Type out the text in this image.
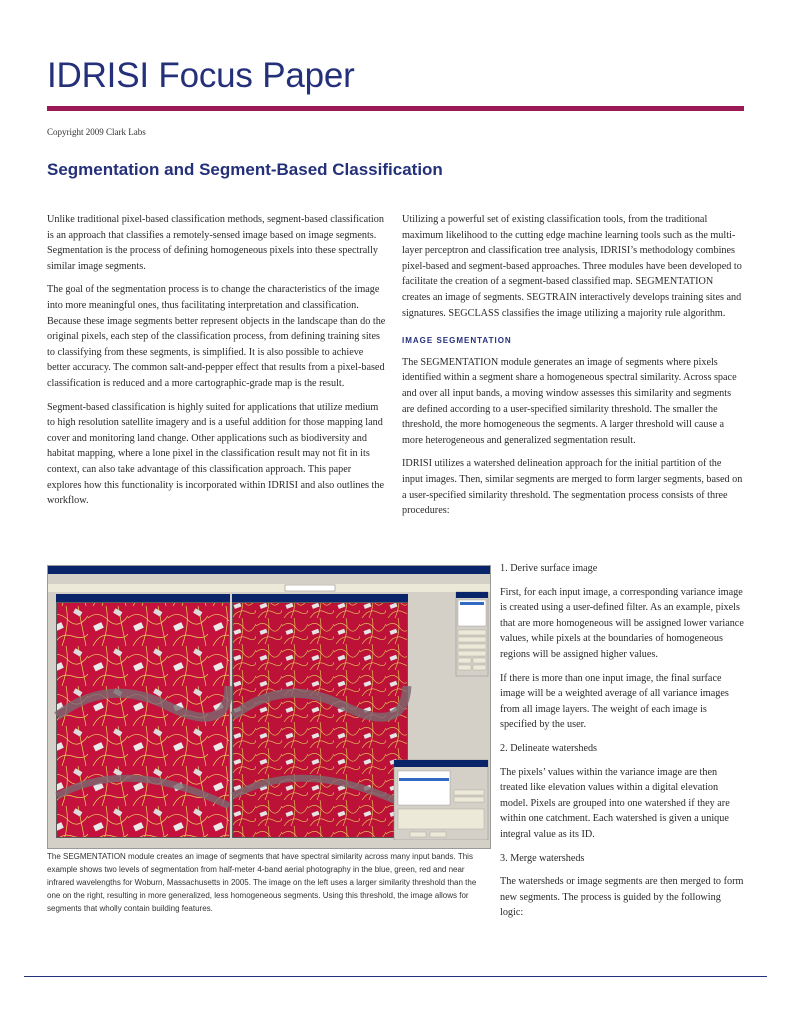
IDRISI Focus Paper
Copyright 2009 Clark Labs
Segmentation and Segment-Based Classification

Unlike traditional pixel-based classification methods, segment-based classification is an approach that classifies a remotely-sensed image based on image segments. Segmentation is the process of defining homogeneous pixels into these spectrally similar image segments.

The goal of the segmentation process is to change the characteristics of the image into more meaningful ones, thus facilitating interpretation and classification. Because these image segments better represent objects in the landscape than do the original pixels, each step of the classification process, from defining training sites to classifying from these segments, is simplified. It is also possible to achieve better accuracy. The common salt-and-pepper effect that results from a pixel-based classification is reduced and a more cartographic-grade map is the result.

Segment-based classification is highly suited for applications that utilize medium to high resolution satellite imagery and is a useful addition for those mapping land cover and monitoring land change. Other applications such as biodiversity and habitat mapping, where a lone pixel in the classification result may not fit in its context, can also take advantage of this classification approach. This paper explores how this functionality is incorporated within IDRISI and also outlines the workflow.

Utilizing a powerful set of existing classification tools, from the traditional maximum likelihood to the cutting edge machine learning tools such as the multi-layer perceptron and classification tree analysis, IDRISI’s methodology combines pixel-based and segment-based approaches. Three modules have been developed to facilitate the creation of a segment-based classified map. SEGMENTATION creates an image of segments. SEGTRAIN interactively develops training sites and signatures. SEGCLASS classifies the image utilizing a majority rule algorithm.

IMAGE SEGMENTATION

The SEGMENTATION module generates an image of segments where pixels identified within a segment share a homogeneous spectral similarity. Across space and over all input bands, a moving window assesses this similarity and segments are defined according to a user-specified similarity threshold. The smaller the threshold, the more homogeneous the segments. A larger threshold will cause a more heterogeneous and generalized segmentation result.

IDRISI utilizes a watershed delineation approach for the initial partition of the input images. Then, similar segments are merged to form larger segments, based on a user-specified similarity threshold. The segmentation process consists of three procedures:

The SEGMENTATION module creates an image of segments that have spectral similarity across many input bands. This example shows two levels of segmentation from half-meter 4-band aerial photography in the blue, green, red and near infrared wavelengths for Woburn, Massachusetts in 2005. The image on the left uses a larger similarity threshold than the one on the right, resulting in more generalized, less homogeneous segments. Using this threshold, the image allows for segments that wholly contain building features.

1. Derive surface image

First, for each input image, a corresponding variance image is created using a user-defined filter. As an example, pixels that are more homogeneous will be assigned lower variance values, while pixels at the boundaries of homogeneous regions will be assigned higher values.

If there is more than one input image, the final surface image will be a weighted average of all variance images from all image layers. The weight of each image is specified by the user.

2. Delineate watersheds

The pixels’ values within the variance image are then treated like elevation values within a digital elevation model. Pixels are grouped into one watershed if they are within one catchment. Each watershed is given a unique integral value as its ID.

3. Merge watersheds

The watersheds or image segments are then merged to form new segments. The process is guided by the following logic:
